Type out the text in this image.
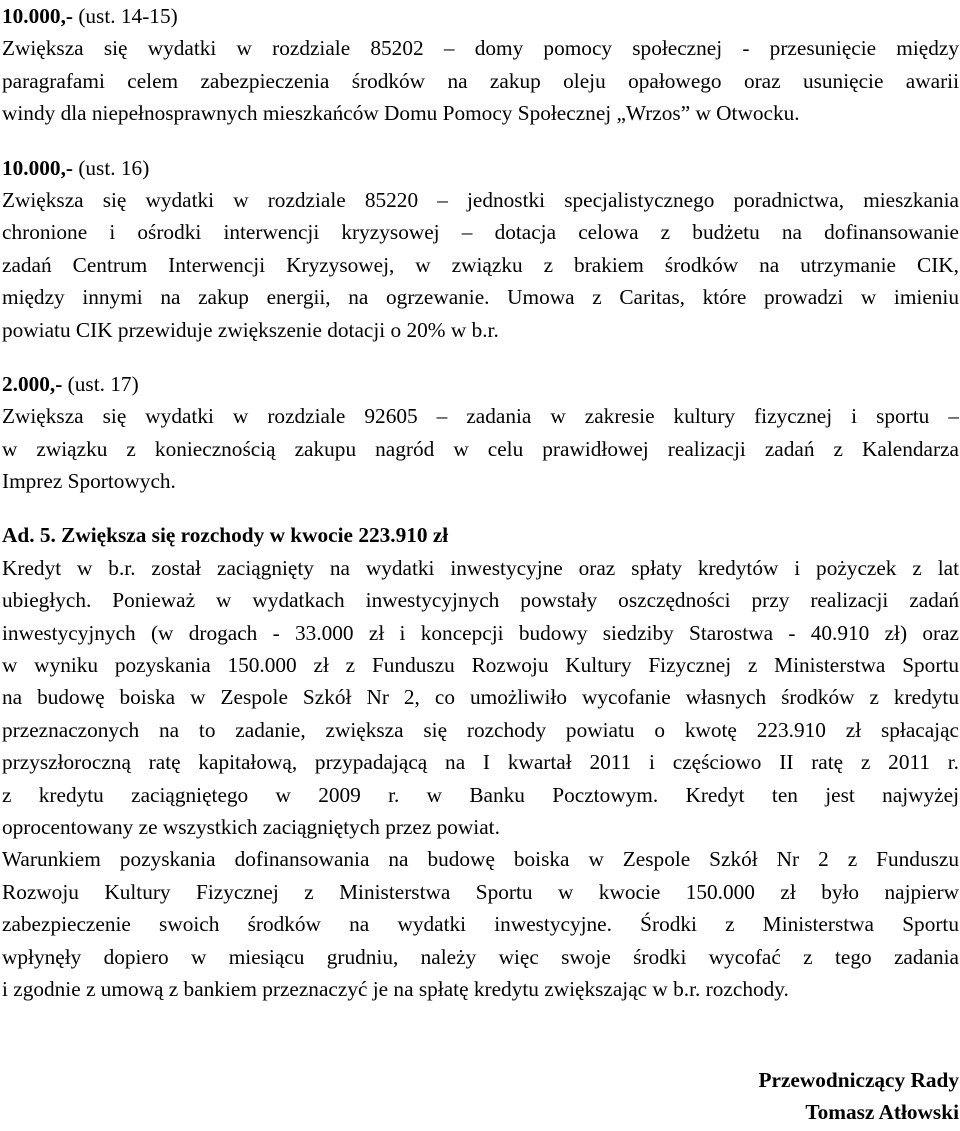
10.000,- (ust. 14-15)
Zwiększa się wydatki w rozdziale 85202 – domy pomocy społecznej - przesunięcie między
paragrafami celem zabezpieczenia środków na zakup oleju opałowego oraz usunięcie awarii
windy dla niepełnosprawnych mieszkańców Domu Pomocy Społecznej „Wrzos” w Otwocku.
10.000,- (ust. 16)
Zwiększa się wydatki w rozdziale 85220 – jednostki specjalistycznego poradnictwa, mieszkania
chronione i ośrodki interwencji kryzysowej – dotacja celowa z budżetu na dofinansowanie
zadań Centrum Interwencji Kryzysowej, w związku z brakiem środków na utrzymanie CIK,
między innymi na zakup energii, na ogrzewanie. Umowa z Caritas, które prowadzi w imieniu
powiatu CIK przewiduje zwiększenie dotacji o 20% w b.r.
2.000,- (ust. 17)
Zwiększa się wydatki w rozdziale 92605 – zadania w zakresie kultury fizycznej i sportu –
w związku z koniecznością zakupu nagród w celu prawidłowej realizacji zadań z Kalendarza
Imprez Sportowych.
Ad. 5. Zwiększa się rozchody w kwocie 223.910 zł
Kredyt w b.r. został zaciągnięty na wydatki inwestycyjne oraz spłaty kredytów i pożyczek z lat
ubiegłych. Ponieważ w wydatkach inwestycyjnych powstały oszczędności przy realizacji zadań
inwestycyjnych (w drogach - 33.000 zł i koncepcji budowy siedziby Starostwa - 40.910 zł) oraz
w wyniku pozyskania 150.000 zł z Funduszu Rozwoju Kultury Fizycznej z Ministerstwa Sportu
na budowę boiska w Zespole Szkół Nr 2, co umożliwiło wycofanie własnych środków z kredytu
przeznaczonych na to zadanie, zwiększa się rozchody powiatu o kwotę 223.910 zł spłacając
przyszłoroczną ratę kapitałową, przypadającą na I kwartał 2011 i częściowo II ratę z 2011 r.
z kredytu zaciągniętego w 2009 r. w Banku Pocztowym. Kredyt ten jest najwyżej
oprocentowany ze wszystkich zaciągniętych przez powiat.
Warunkiem pozyskania dofinansowania na budowę boiska w Zespole Szkół Nr 2 z Funduszu
Rozwoju Kultury Fizycznej z Ministerstwa Sportu w kwocie 150.000 zł było najpierw
zabezpieczenie swoich środków na wydatki inwestycyjne. Środki z Ministerstwa Sportu
wpłynęły dopiero w miesiącu grudniu, należy więc swoje środki wycofać z tego zadania
i zgodnie z umową z bankiem przeznaczyć je na spłatę kredytu zwiększając w b.r. rozchody.
Przewodniczący Rady
Tomasz Atłowski
